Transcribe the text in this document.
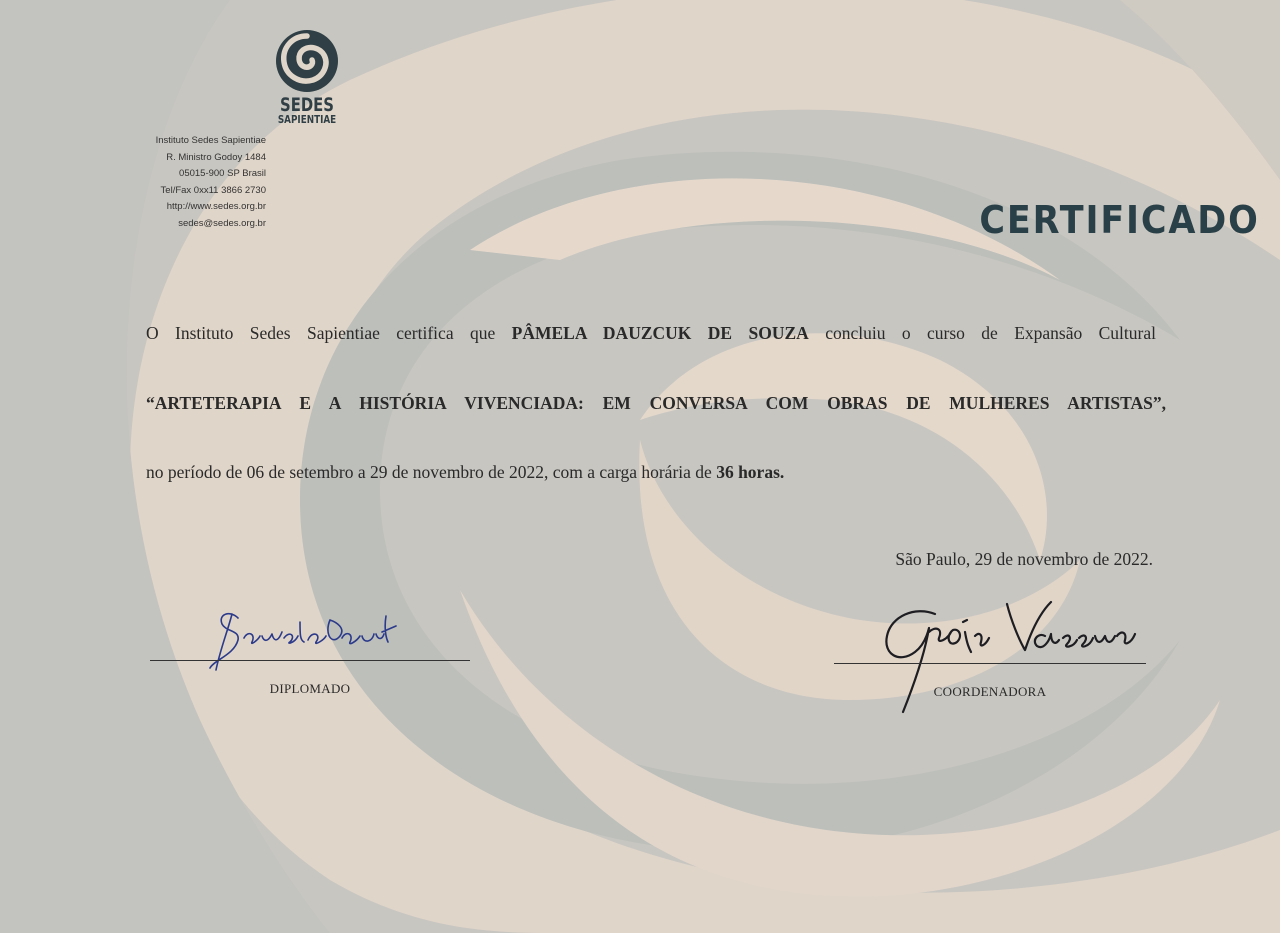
SEDES
SAPIENTIAE
Instituto Sedes Sapientiae
R. Ministro Godoy 1484
05015-900 SP Brasil
Tel/Fax 0xx11 3866 2730
http://www.sedes.org.br
sedes@sedes.org.br	CERTIFICADO
O Instituto Sedes Sapientiae certifica que PÂMELA DAUZCUK DE SOUZA concluiu o curso de Expansão Cultural
“ARTETERAPIA E A HISTÓRIA VIVENCIADA: EM CONVERSA COM OBRAS DE MULHERES ARTISTAS”,
no período de 06 de setembro a 29 de novembro de 2022, com a carga horária de 36 horas.
São Paulo, 29 de novembro de 2022.
DIPLOMADO	COORDENADORA
